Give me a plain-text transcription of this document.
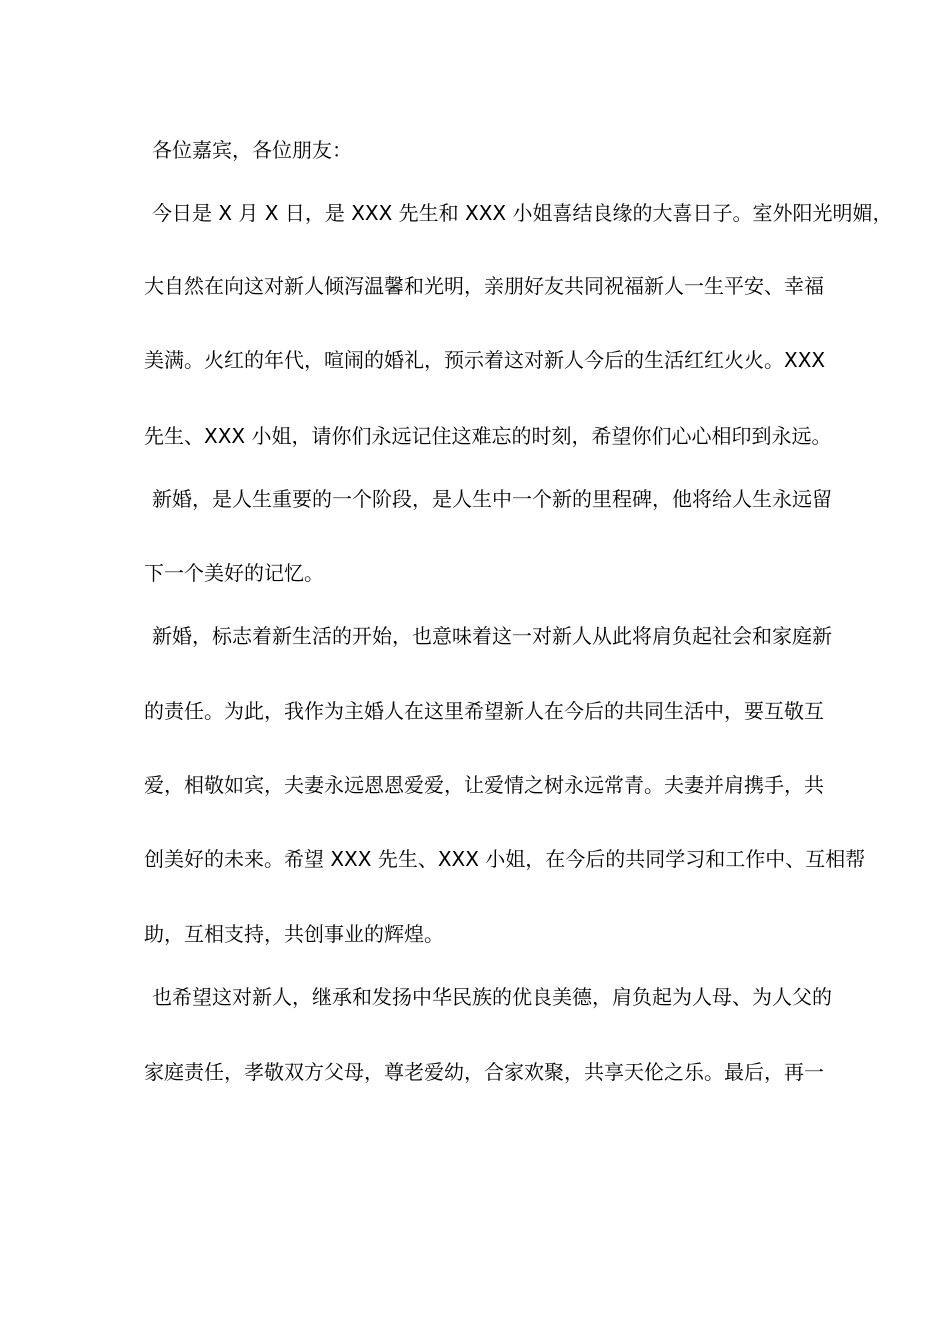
各位嘉宾，各位朋友：

今日是 X 月 X 日，是 XXX 先生和 XXX 小姐喜结良缘的大喜日子。室外阳光明媚，

大自然在向这对新人倾泻温馨和光明，亲朋好友共同祝福新人一生平安、幸福

美满。火红的年代，喧闹的婚礼，预示着这对新人今后的生活红红火火。XXX

先生、XXX 小姐，请你们永远记住这难忘的时刻，希望你们心心相印到永远。

新婚，是人生重要的一个阶段，是人生中一个新的里程碑，他将给人生永远留

下一个美好的记忆。

新婚，标志着新生活的开始，也意味着这一对新人从此将肩负起社会和家庭新

的责任。为此，我作为主婚人在这里希望新人在今后的共同生活中，要互敬互

爱，相敬如宾，夫妻永远恩恩爱爱，让爱情之树永远常青。夫妻并肩携手，共

创美好的未来。希望 XXX 先生、XXX 小姐，在今后的共同学习和工作中、互相帮

助，互相支持，共创事业的辉煌。

也希望这对新人，继承和发扬中华民族的优良美德，肩负起为人母、为人父的

家庭责任，孝敬双方父母，尊老爱幼，合家欢聚，共享天伦之乐。最后，再一
